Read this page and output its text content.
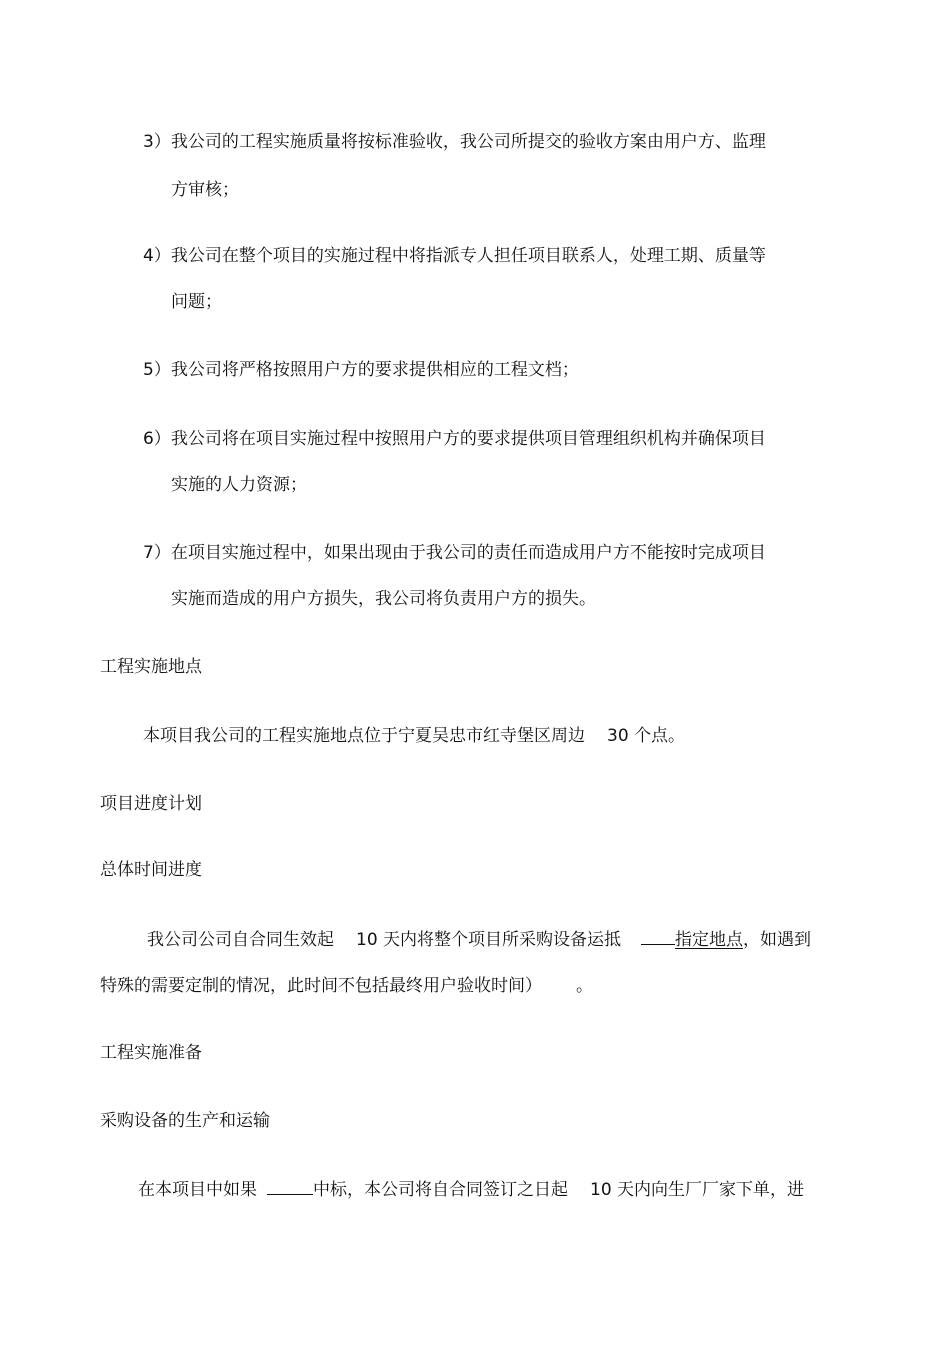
3）我公司的工程实施质量将按标准验收，我公司所提交的验收方案由用户方、监理
方审核；
4）我公司在整个项目的实施过程中将指派专人担任项目联系人，处理工期、质量等
问题；
5）我公司将严格按照用户方的要求提供相应的工程文档；
6）我公司将在项目实施过程中按照用户方的要求提供项目管理组织机构并确保项目
实施的人力资源；
7）在项目实施过程中，如果出现由于我公司的责任而造成用户方不能按时完成项目
实施而造成的用户方损失，我公司将负责用户方的损失。
工程实施地点
本项目我公司的工程实施地点位于宁夏吴忠市红寺堡区周边 30 个点。
项目进度计划
总体时间进度
我公司公司自合同生效起 10 天内将整个项目所采购设备运抵	指定地点，如遇到
特殊的需要定制的情况，此时间不包括最终用户验收时间） 。
工程实施准备
采购设备的生产和运输
在本项目中如果	中标，本公司将自合同签订之日起 10 天内向生厂厂家下单，进
